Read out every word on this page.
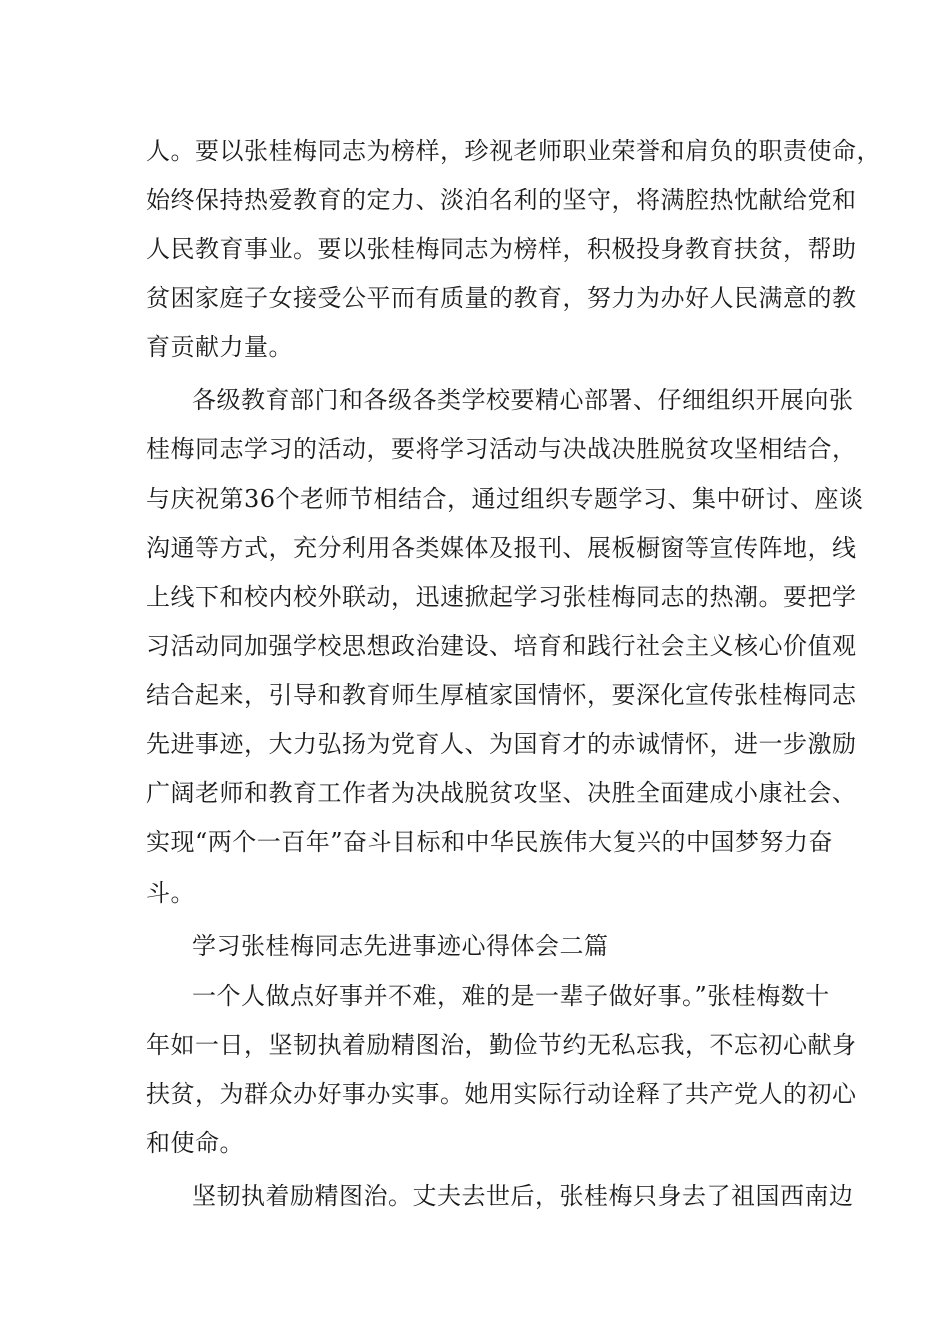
人。要以张桂梅同志为榜样，珍视老师职业荣誉和肩负的职责使命，
始终保持热爱教育的定力、淡泊名利的坚守，将满腔热忱献给党和
人民教育事业。要以张桂梅同志为榜样，积极投身教育扶贫，帮助
贫困家庭子女接受公平而有质量的教育，努力为办好人民满意的教
育贡献力量。
各级教育部门和各级各类学校要精心部署、仔细组织开展向张
桂梅同志学习的活动，要将学习活动与决战决胜脱贫攻坚相结合，
与庆祝第36个老师节相结合，通过组织专题学习、集中研讨、座谈
沟通等方式，充分利用各类媒体及报刊、展板橱窗等宣传阵地，线
上线下和校内校外联动，迅速掀起学习张桂梅同志的热潮。要把学
习活动同加强学校思想政治建设、培育和践行社会主义核心价值观
结合起来，引导和教育师生厚植家国情怀，要深化宣传张桂梅同志
先进事迹，大力弘扬为党育人、为国育才的赤诚情怀，进一步激励
广阔老师和教育工作者为决战脱贫攻坚、决胜全面建成小康社会、
实现“两个一百年”奋斗目标和中华民族伟大复兴的中国梦努力奋
斗。
学习张桂梅同志先进事迹心得体会二篇
一个人做点好事并不难，难的是一辈子做好事。”张桂梅数十
年如一日，坚韧执着励精图治，勤俭节约无私忘我，不忘初心献身
扶贫，为群众办好事办实事。她用实际行动诠释了共产党人的初心
和使命。
坚韧执着励精图治。丈夫去世后，张桂梅只身去了祖国西南边
